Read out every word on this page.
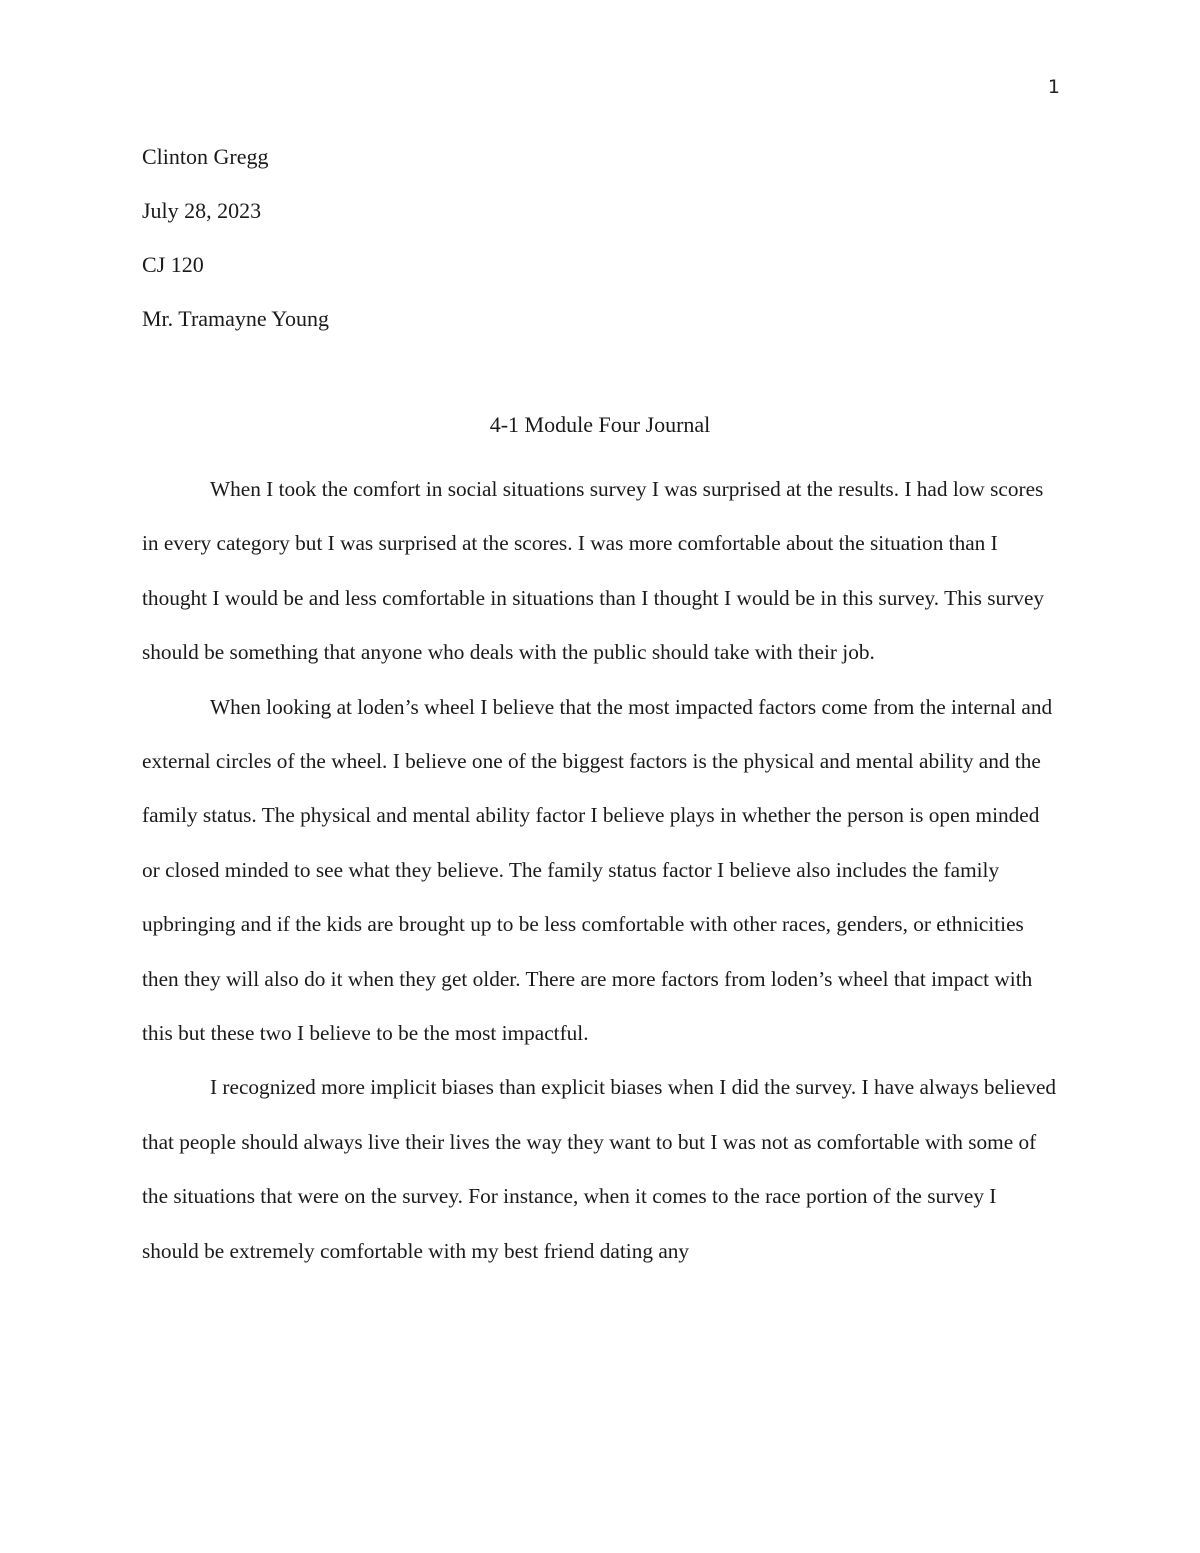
1
Clinton Gregg
July 28, 2023
CJ 120
Mr. Tramayne Young
4-1 Module Four Journal

When I took the comfort in social situations survey I was surprised at the results. I had low scores in every category but I was surprised at the scores. I was more comfortable about the situation than I thought I would be and less comfortable in situations than I thought I would be in this survey. This survey should be something that anyone who deals with the public should take with their job.

When looking at loden’s wheel I believe that the most impacted factors come from the internal and external circles of the wheel. I believe one of the biggest factors is the physical and mental ability and the family status. The physical and mental ability factor I believe plays in whether the person is open minded or closed minded to see what they believe. The family status factor I believe also includes the family upbringing and if the kids are brought up to be less comfortable with other races, genders, or ethnicities then they will also do it when they get older. There are more factors from loden’s wheel that impact with this but these two I believe to be the most impactful.

I recognized more implicit biases than explicit biases when I did the survey. I have always believed that people should always live their lives the way they want to but I was not as comfortable with some of the situations that were on the survey. For instance, when it comes to the race portion of the survey I should be extremely comfortable with my best friend dating any
